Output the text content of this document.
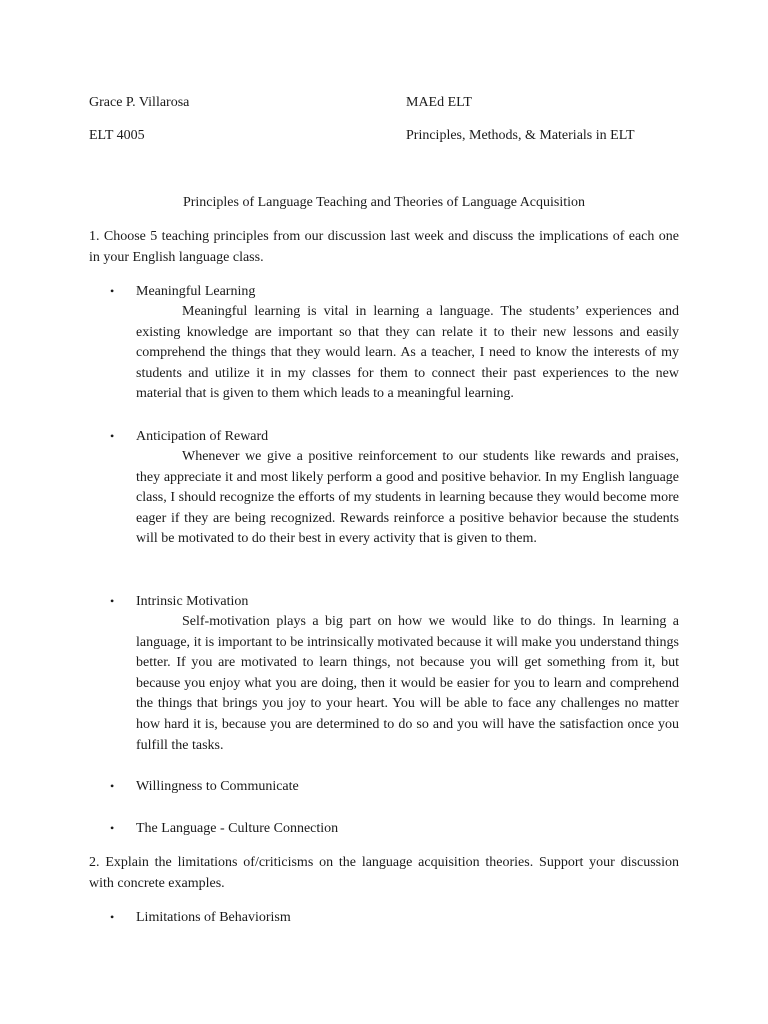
Grace P. Villarosa	MAEd ELT
ELT 4005	Principles, Methods, & Materials in ELT
Principles of Language Teaching and Theories of Language Acquisition
1. Choose 5 teaching principles from our discussion last week and discuss the implications of each one in your English language class.
• Meaningful Learning
Meaningful learning is vital in learning a language. The students’ experiences and existing knowledge are important so that they can relate it to their new lessons and easily comprehend the things that they would learn. As a teacher, I need to know the interests of my students and utilize it in my classes for them to connect their past experiences to the new material that is given to them which leads to a meaningful learning.
• Anticipation of Reward
Whenever we give a positive reinforcement to our students like rewards and praises, they appreciate it and most likely perform a good and positive behavior. In my English language class, I should recognize the efforts of my students in learning because they would become more eager if they are being recognized. Rewards reinforce a positive behavior because the students will be motivated to do their best in every activity that is given to them.
• Intrinsic Motivation
Self-motivation plays a big part on how we would like to do things. In learning a language, it is important to be intrinsically motivated because it will make you understand things better. If you are motivated to learn things, not because you will get something from it, but because you enjoy what you are doing, then it would be easier for you to learn and comprehend the things that brings you joy to your heart. You will be able to face any challenges no matter how hard it is, because you are determined to do so and you will have the satisfaction once you fulfill the tasks.
• Willingness to Communicate
• The Language - Culture Connection
2. Explain the limitations of/criticisms on the language acquisition theories. Support your discussion with concrete examples.
• Limitations of Behaviorism
